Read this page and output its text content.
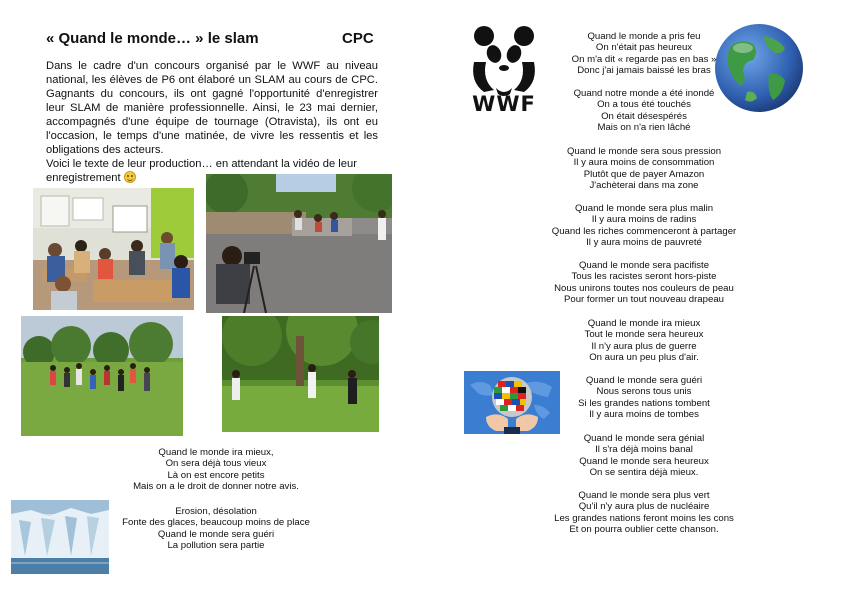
« Quand le monde… » le slam	CPC

Dans le cadre d'un concours organisé par le WWF au niveau national, les élèves de P6 ont élaboré un SLAM au cours de CPC. Gagnants du concours, ils ont gagné l'opportunité d'enregistrer leur SLAM de manière professionnelle. Ainsi, le 23 mai dernier, accompagnés d'une équipe de tournage (Otravista), ils ont eu l'occasion, le temps d'une matinée, de vivre les ressentis et les obligations des acteurs.

Voici le texte de leur production… en attendant la vidéo de leur enregistrement

Quand le monde ira mieux,
On sera déjà tous vieux
Là on est encore petits
Mais on a le droit de donner notre avis.
Erosion, désolation
Fonte des glaces, beaucoup moins de place
Quand le monde sera guéri
La pollution sera partie
WWF
Quand le monde a pris feu
On n'était pas heureux
On m'a dit « regarde pas en bas »
Donc j'ai jamais baissé les bras
Quand notre monde a été inondé
On a tous été touchés
On était désespérés
Mais on n'a rien lâché
Quand le monde sera sous pression
Il y aura moins de consommation
Plutôt que de payer Amazon
J'achèterai dans ma zone
Quand le monde sera plus malin
Il y aura moins de radins
Quand les riches commenceront à partager
Il y aura moins de pauvreté
Quand le monde sera pacifiste
Tous les racistes seront hors-piste
Nous unirons toutes nos couleurs de peau
Pour former un tout nouveau drapeau
Quand le monde ira mieux
Tout le monde sera heureux
Il n'y aura plus de guerre
On aura un peu plus d'air.
Quand le monde sera guéri
Nous serons tous unis
Si les grandes nations tombent
Il y aura moins de tombes
Quand le monde sera génial
Il s'ra déjà moins banal
Quand le monde sera heureux
On se sentira déjà mieux.
Quand le monde sera plus vert
Qu'il n'y aura plus de nucléaire
Les grandes nations feront moins les cons
Et on pourra oublier cette chanson.
